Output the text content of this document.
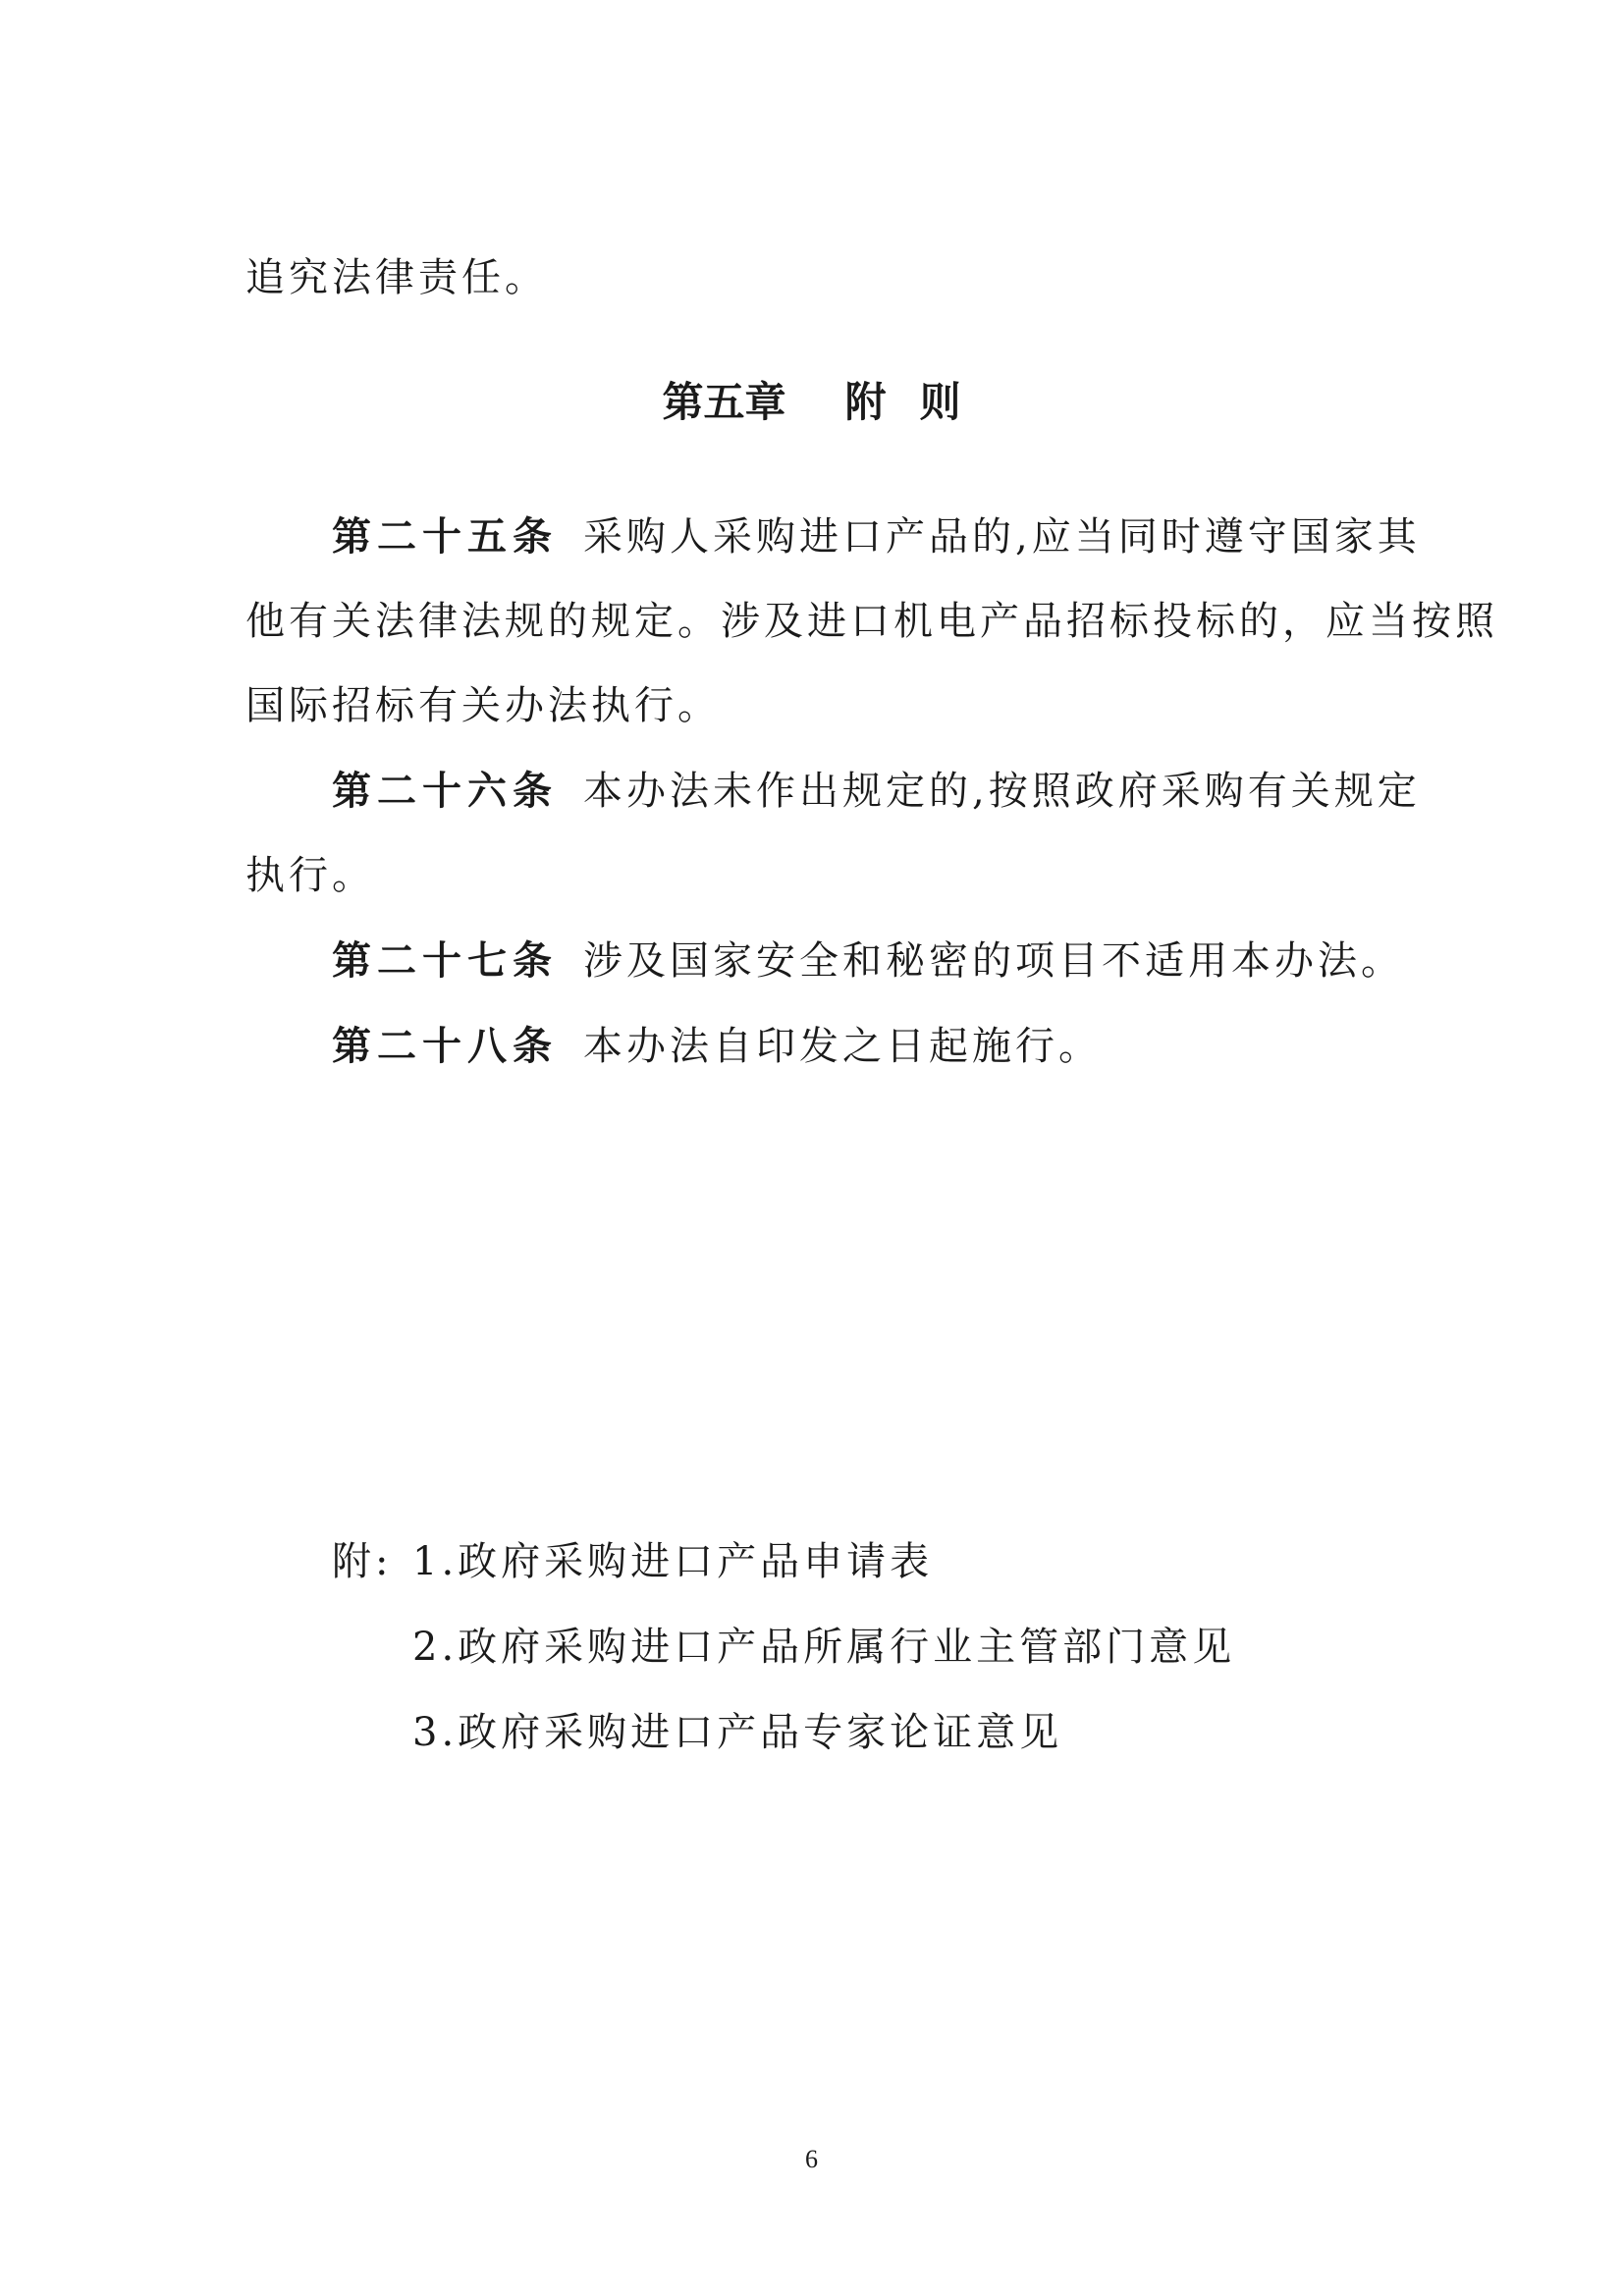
追究法律责任。
第五章 附 则
第二十五条 采购人采购进口产品的,应当同时遵守国家其
他有关法律法规的规定。涉及进口机电产品招标投标的，应当按照
国际招标有关办法执行。
第二十六条 本办法未作出规定的,按照政府采购有关规定
执行。
第二十七条 涉及国家安全和秘密的项目不适用本办法。
第二十八条 本办法自印发之日起施行。
附: 1.政府采购进口产品申请表
2.政府采购进口产品所属行业主管部门意见
3.政府采购进口产品专家论证意见
6
